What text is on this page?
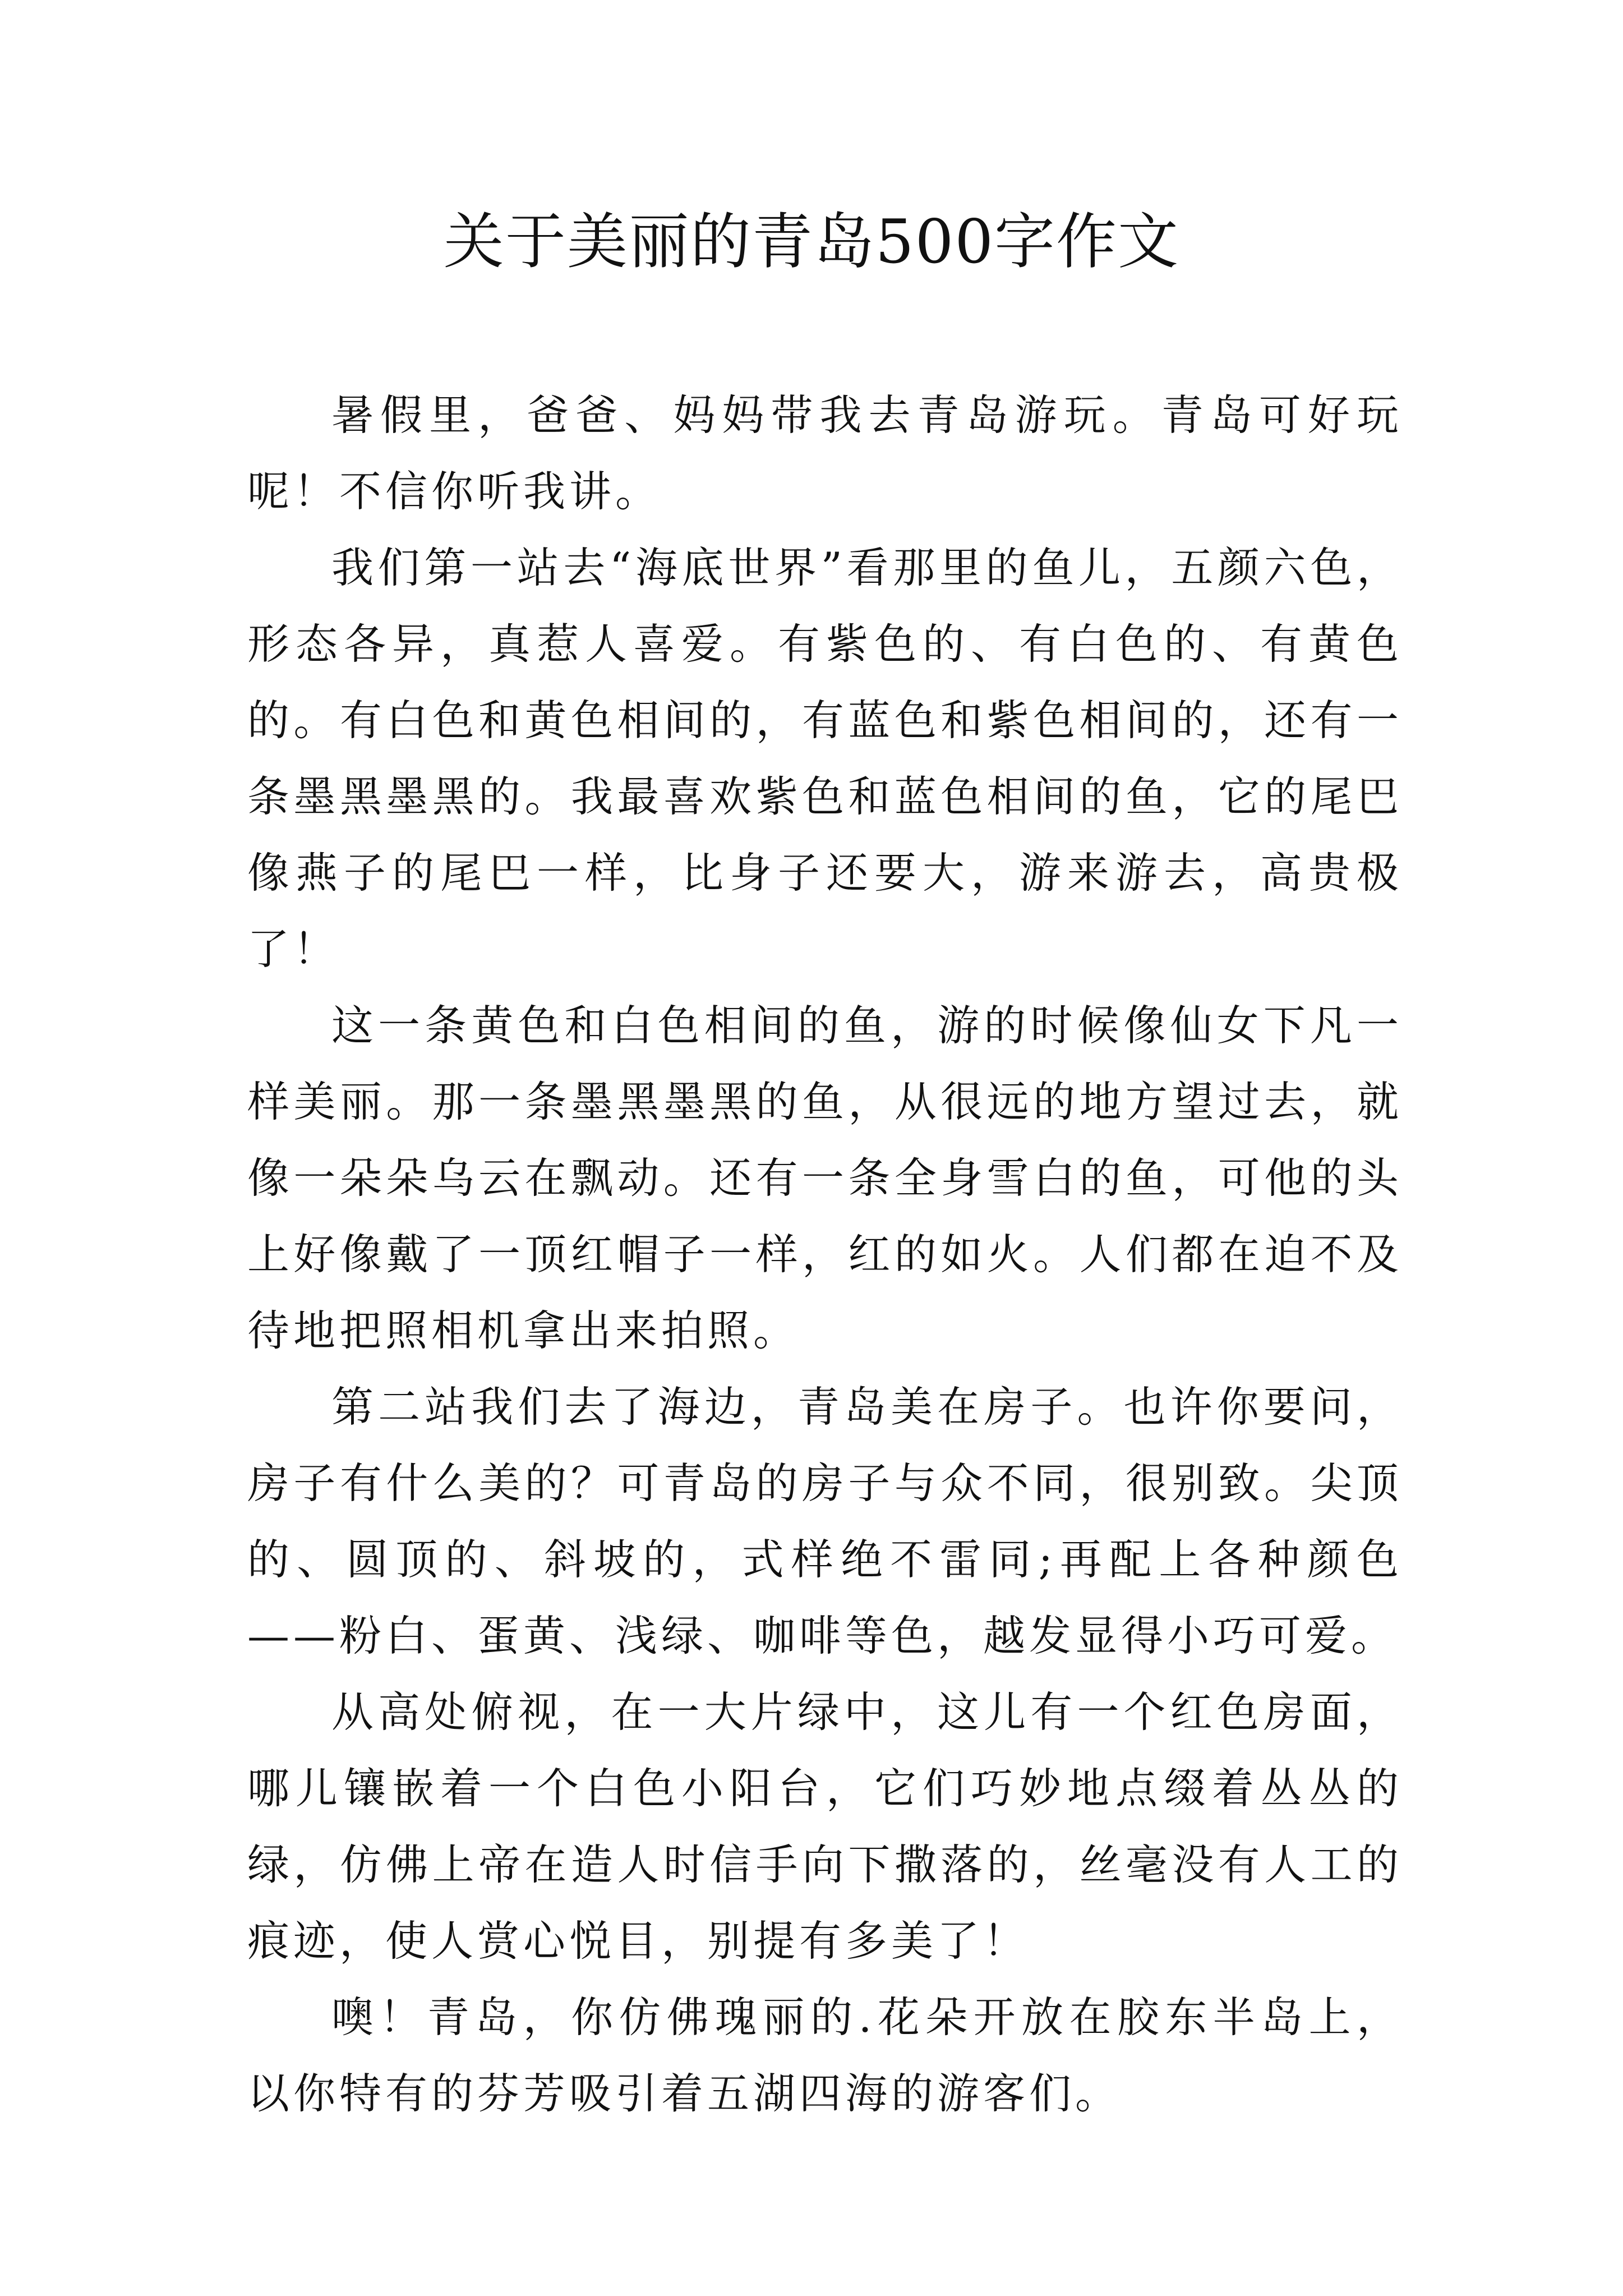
关于美丽的青岛500字作文

暑假里，爸爸、妈妈带我去青岛游玩。青岛可好玩呢！不信你听我讲。

我们第一站去“海底世界”看那里的鱼儿，五颜六色，形态各异，真惹人喜爱。有紫色的、有白色的、有黄色的。有白色和黄色相间的，有蓝色和紫色相间的，还有一条墨黑墨黑的。我最喜欢紫色和蓝色相间的鱼，它的尾巴像燕子的尾巴一样，比身子还要大，游来游去，高贵极了！

这一条黄色和白色相间的鱼，游的时候像仙女下凡一样美丽。那一条墨黑墨黑的鱼，从很远的地方望过去，就像一朵朵乌云在飘动。还有一条全身雪白的鱼，可他的头上好像戴了一顶红帽子一样，红的如火。人们都在迫不及待地把照相机拿出来拍照。

第二站我们去了海边，青岛美在房子。也许你要问，房子有什么美的？可青岛的房子与众不同，很别致。尖顶的、圆顶的、斜坡的，式样绝不雷同;再配上各种颜色——粉白、蛋黄、浅绿、咖啡等色，越发显得小巧可爱。

从高处俯视，在一大片绿中，这儿有一个红色房面，哪儿镶嵌着一个白色小阳台，它们巧妙地点缀着丛丛的绿，仿佛上帝在造人时信手向下撒落的，丝毫没有人工的痕迹，使人赏心悦目，别提有多美了！

噢！青岛，你仿佛瑰丽的.花朵开放在胶东半岛上，以你特有的芬芳吸引着五湖四海的游客们。
